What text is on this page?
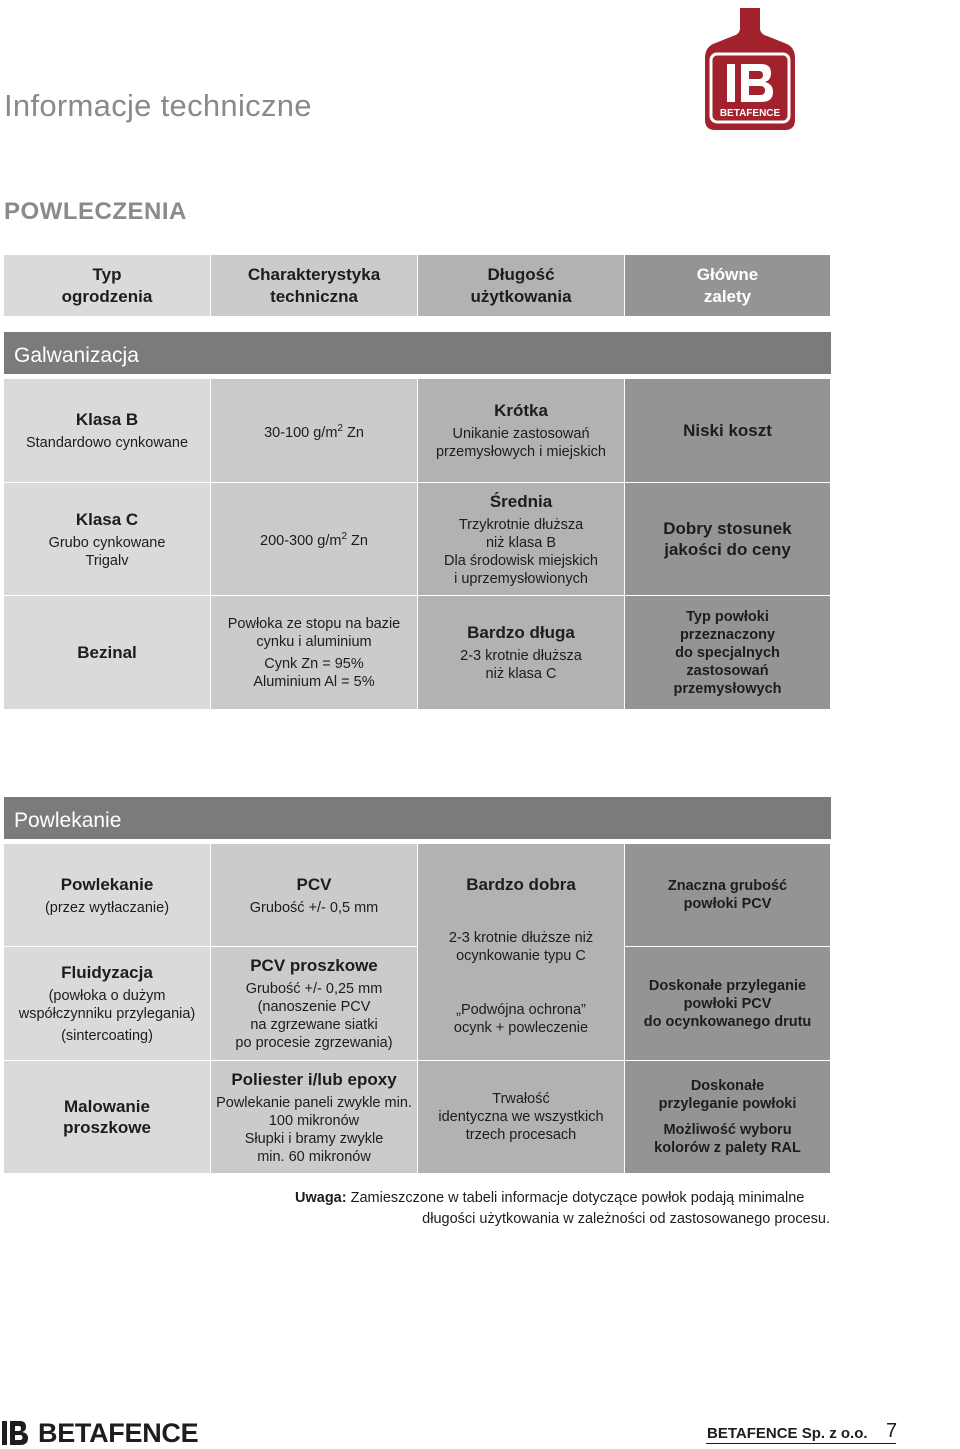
Informacje techniczne	BETAFENCE
POWLECZENIA
Typ
ogrodzenia
Charakterystyka
techniczna
Długość
użytkowania
Główne
zalety
Galwanizacja
Klasa B
Standardowo cynkowane
30-100 $g/m^2$ Zn
Krótka
Unikanie zastosowań
przemysłowych i miejskich
Niski koszt
Klasa C
Grubo cynkowane
Trigalv
200-300 $g/m^2$ Zn
Średnia
Trzykrotnie dłuższa
niż klasa B
Dla środowisk miejskich
i uprzemysłowionych
Dobry stosunek
jakości do ceny
Bezinal
Powłoka ze stopu na bazie
cynku i aluminium
Cynk Zn = 95%
Aluminium Al = 5%
Bardzo długa
2-3 krotnie dłuższa
niż klasa C
Typ powłoki
przeznaczony
do specjalnych
zastosowań
przemysłowych
Powlekanie
Powlekanie
(przez wytłaczanie)
PCV
Grubość +/- 0,5 mm
Bardzo dobra
2-3 krotnie dłuższe niż
ocynkowanie typu C
„Podwójna ochrona”
ocynk + powleczenie
Znaczna grubość
powłoki PCV
Fluidyzacja
(powłoka o dużym
współczynniku przylegania)
(sintercoating)
PCV proszkowe
Grubość +/- 0,25 mm
(nanoszenie PCV
na zgrzewane siatki
po procesie zgrzewania)
Doskonałe przyleganie
powłoki PCV
do ocynkowanego drutu
Malowanie
proszkowe
Poliester i/lub epoxy
Powlekanie paneli zwykle min.
100 mikronów
Słupki i bramy zwykle
min. 60 mikronów
Trwałość
identyczna we wszystkich
trzech procesach
Doskonałe
przyleganie powłoki
Możliwość wyboru
kolorów z palety RAL
Uwaga: Zamieszczone w tabeli informacje dotyczące powłok podają minimalne
długości użytkowania w zależności od zastosowanego procesu.
BETAFENCE	BETAFENCE Sp. z o.o. 7
